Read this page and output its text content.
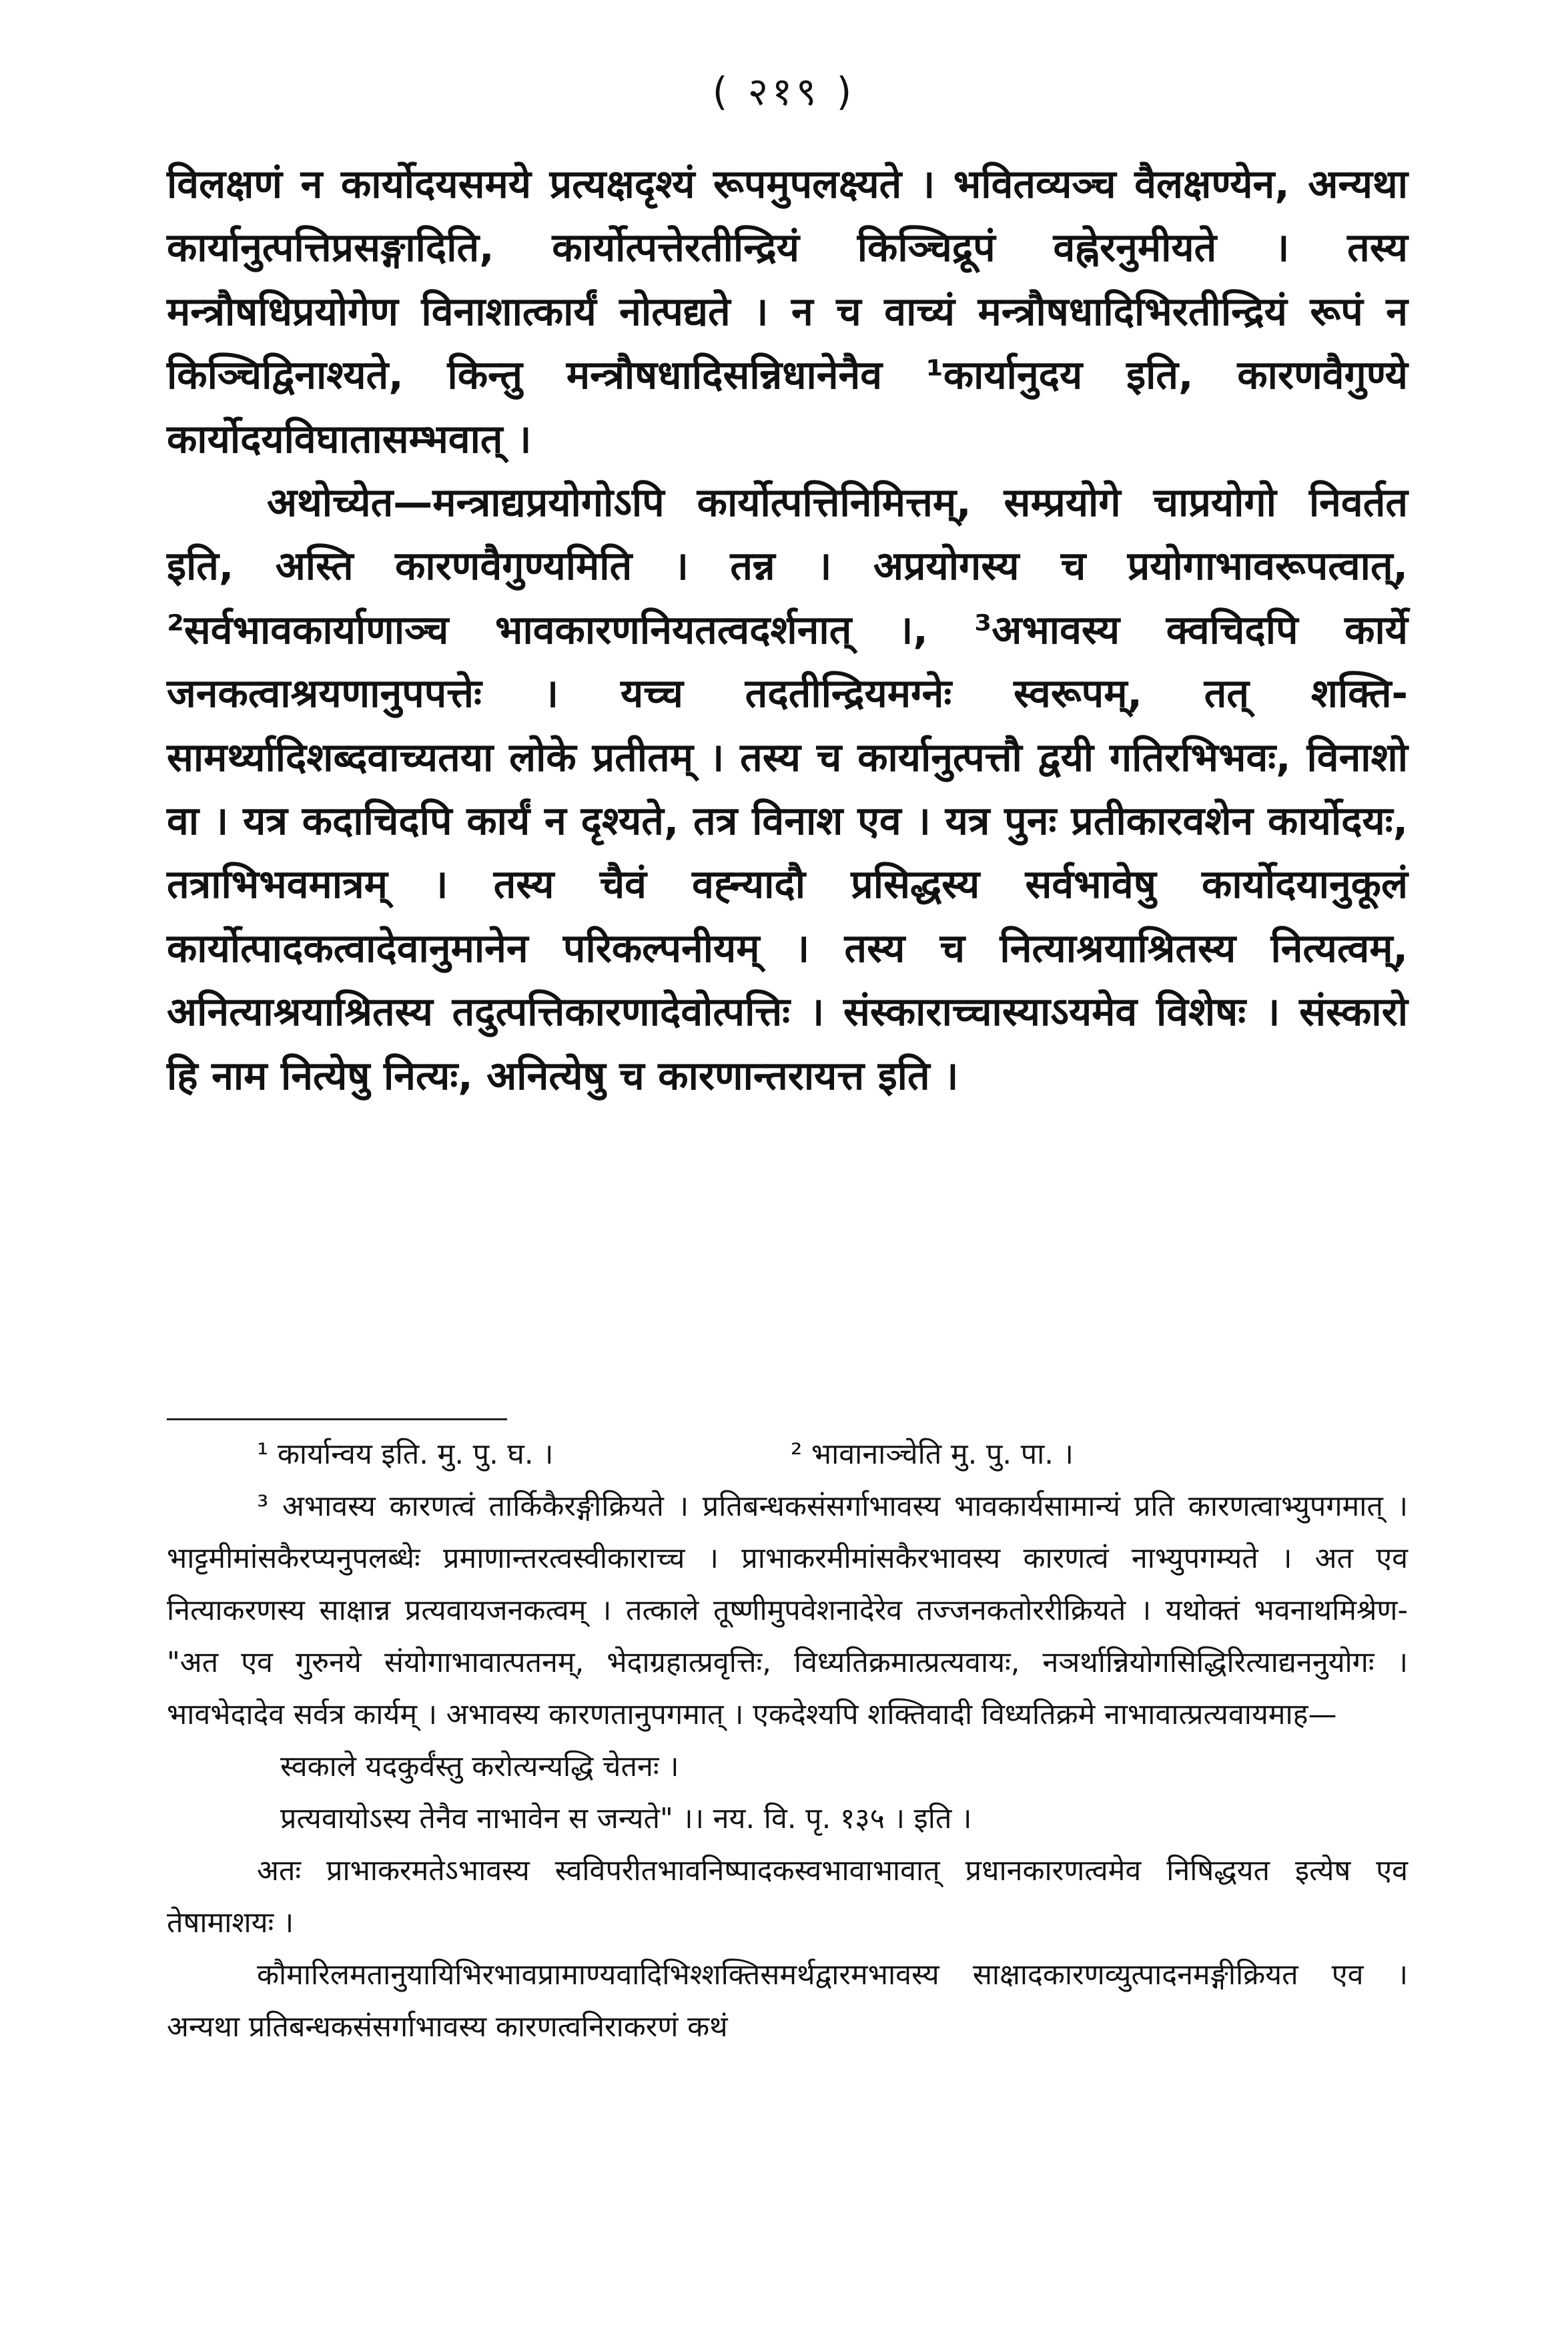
( २१९ )

विलक्षणं न कार्योदयसमये प्रत्यक्षदृश्यं रूपमुपलक्ष्यते । भवितव्यञ्च वैलक्षण्येन, अन्यथा कार्यानुत्पत्तिप्रसङ्गादिति, कार्योत्पत्तेरतीन्द्रियं किञ्चिद्रूपं वह्नेरनुमीयते । तस्य मन्त्रौषधिप्रयोगेण विनाशात्कार्यं नोत्पद्यते । न च वाच्यं मन्त्रौषधादिभिरतीन्द्रियं रूपं न किञ्चिद्विनाश्यते, किन्तु मन्त्रौषधादिसन्निधानेनैव ¹कार्यानुदय इति, कारणवैगुण्ये कार्योदयविघातासम्भवात् ।

अथोच्येत—मन्त्राद्यप्रयोगोऽपि कार्योत्पत्तिनिमित्तम्, सम्प्रयोगे चाप्रयोगो निवर्तत इति, अस्ति कारणवैगुण्यमिति । तन्न । अप्रयोगस्य च प्रयोगाभावरूपत्वात्, ²सर्वभावकार्याणाञ्च भावकारणनियतत्वदर्शनात् ।, ³अभावस्य क्वचिदपि कार्ये जनकत्वाश्रयणानुपपत्तेः । यच्च तदतीन्द्रियमग्नेः स्वरूपम्, तत् शक्ति-सामर्थ्यादिशब्दवाच्यतया लोके प्रतीतम् । तस्य च कार्यानुत्पत्तौ द्वयी गतिरभिभवः, विनाशो वा । यत्र कदाचिदपि कार्यं न दृश्यते, तत्र विनाश एव । यत्र पुनः प्रतीकारवशेन कार्योदयः, तत्राभिभवमात्रम् । तस्य चैवं वह्न्यादौ प्रसिद्धस्य सर्वभावेषु कार्योदयानुकूलं कार्योत्पादकत्वादेवानुमानेन परिकल्पनीयम् । तस्य च नित्याश्रयाश्रितस्य नित्यत्वम्, अनित्याश्रयाश्रितस्य तदुत्पत्तिकारणादेवोत्पत्तिः । संस्काराच्चास्याऽयमेव विशेषः । संस्कारो हि नाम नित्येषु नित्यः, अनित्येषु च कारणान्तरायत्त इति ।

¹ कार्यान्वय इति. मु. पु. घ. ।	² भावानाञ्चेति मु. पु. पा. ।

³ अभावस्य कारणत्वं तार्किकैरङ्गीक्रियते । प्रतिबन्धकसंसर्गाभावस्य भावकार्यसामान्यं प्रति कारणत्वाभ्युपगमात् । भाट्टमीमांसकैरप्यनुपलब्धेः प्रमाणान्तरत्वस्वीकाराच्च । प्राभाकरमीमांसकैरभावस्य कारणत्वं नाभ्युपगम्यते । अत एव नित्याकरणस्य साक्षान्न प्रत्यवायजनकत्वम् । तत्काले तूष्णीमुपवेशनादेरेव तज्जनकतोररीक्रियते । यथोक्तं भवनाथमिश्रेण-"अत एव गुरुनये संयोगाभावात्पतनम्, भेदाग्रहात्प्रवृत्तिः, विध्यतिक्रमात्प्रत्यवायः, नञर्थान्नियोगसिद्धिरित्याद्यननुयोगः । भावभेदादेव सर्वत्र कार्यम् । अभावस्य कारणतानुपगमात् । एकदेश्यपि शक्तिवादी विध्यतिक्रमे नाभावात्प्रत्यवायमाह—

स्वकाले यदकुर्वंस्तु करोत्यन्यद्धि चेतनः ।

प्रत्यवायोऽस्य तेनैव नाभावेन स जन्यते" ।। नय. वि. पृ. १३५ । इति ।

अतः प्राभाकरमतेऽभावस्य स्वविपरीतभावनिष्पादकस्वभावाभावात् प्रधानकारणत्वमेव निषिद्धयत इत्येष एव तेषामाशयः ।

कौमारिलमतानुयायिभिरभावप्रामाण्यवादिभिश्शक्तिसमर्थद्वारमभावस्य साक्षादकारणव्युत्पादनमङ्गीक्रियत एव । अन्यथा प्रतिबन्धकसंसर्गाभावस्य कारणत्वनिराकरणं कथं
